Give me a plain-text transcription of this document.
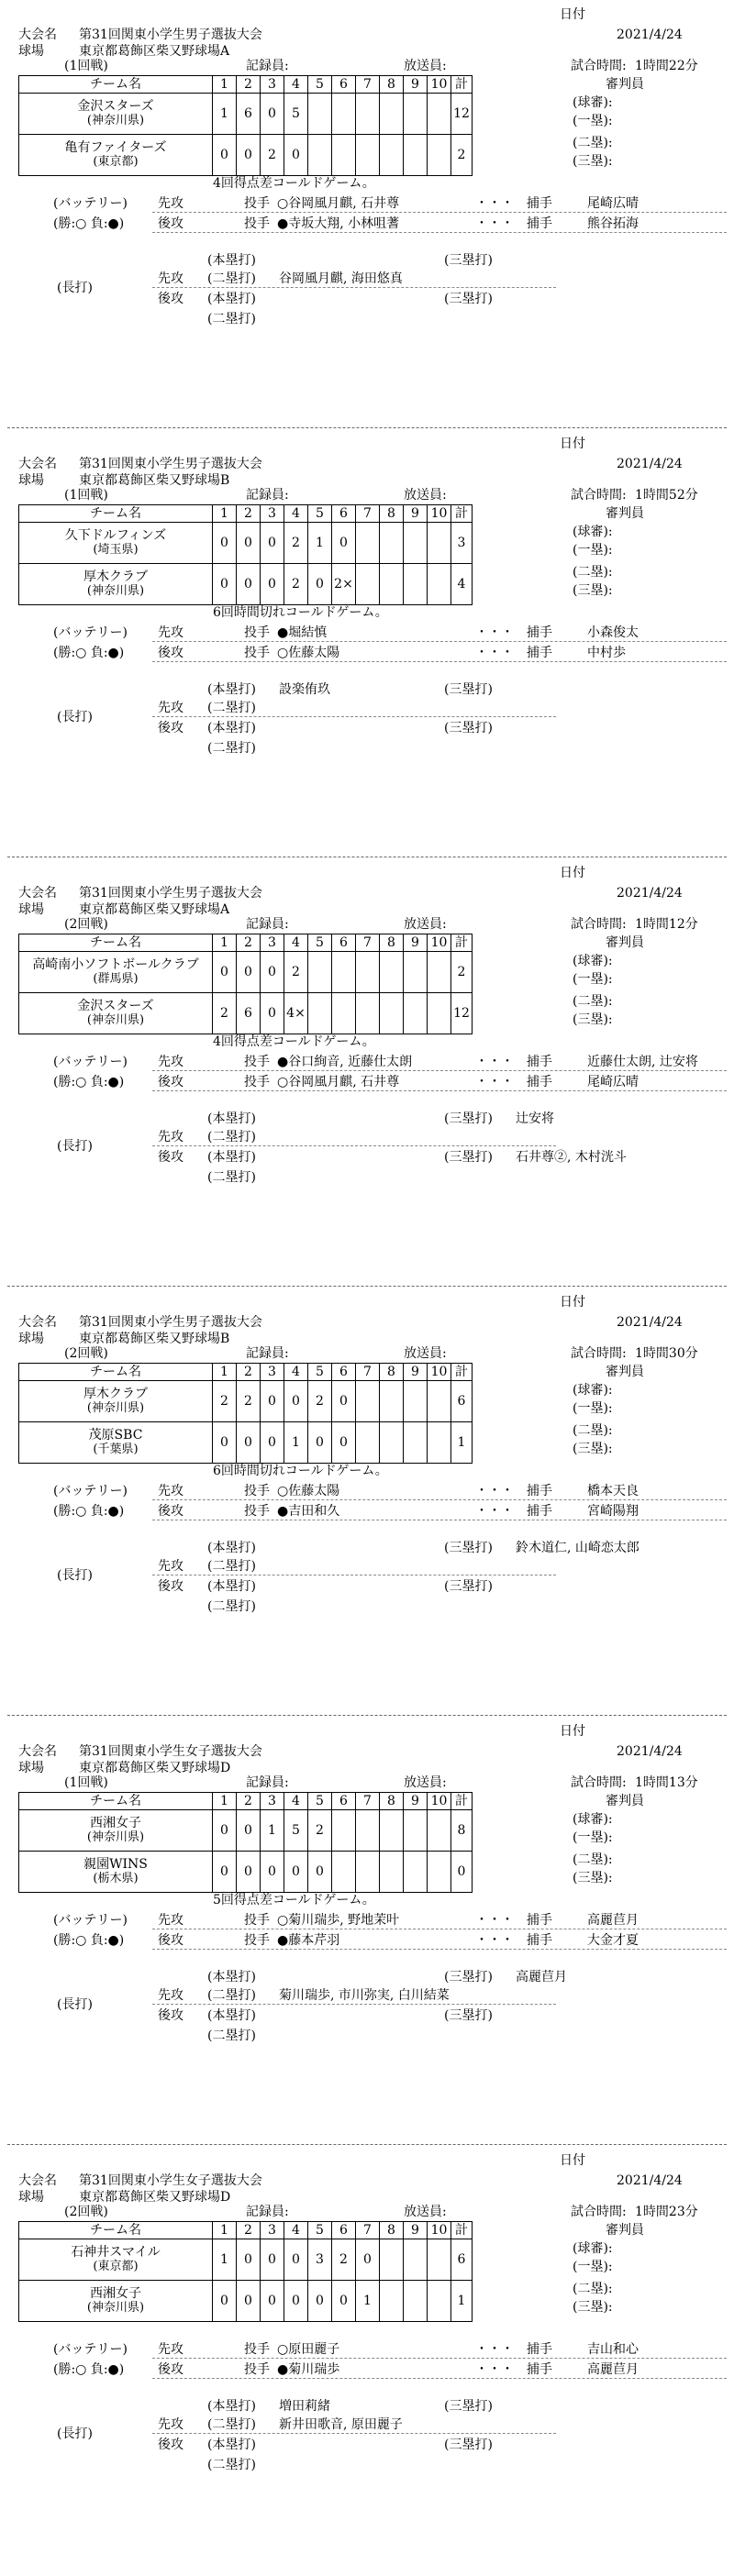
日付
大会名 第31回関東小学生男子選抜大会	2021/4/24
球場	東京都葛飾区柴又野球場A
(1回戦)	記録員:	放送員:	試合時間: 1時間22分
チーム名	1	2	3	4	5	6	7	8	9	10	計

金沢スターズ
(神奈川県)	1	6	0	5							12

亀有ファイターズ
(東京都)	0	0	2	0							2
審判員
(球審):
(一塁):
(二塁):
(三塁):
4回得点差コールドゲーム。
(バッテリー) 先攻	投手 ○谷岡風月麒, 石井尊	・・・ 捕手	尾崎広晴
(勝:○ 負:●)	後攻	投手 ●寺坂大翔, 小林咀蓍	・・・ 捕手	熊谷拓海
(本塁打)	(三塁打)
(長打)
先攻 (二塁打) 谷岡風月麒, 海田悠真
後攻 (本塁打)	(三塁打)
(二塁打)
日付
大会名 第31回関東小学生男子選抜大会	2021/4/24
球場	東京都葛飾区柴又野球場B
(1回戦)	記録員:	放送員:	試合時間: 1時間52分
チーム名	1	2	3	4	5	6	7	8	9	10	計

久下ドルフィンズ
(埼玉県)	0	0	0	2	1	0					3

厚木クラブ
(神奈川県)	0	0	0	2	0	2×					4
審判員
(球審):
(一塁):
(二塁):
(三塁):
6回時間切れコールドゲーム。
(バッテリー) 先攻	投手 ●堀結慎	・・・ 捕手	小森俊太
(勝:○ 負:●)	後攻	投手 ○佐藤太陽	・・・ 捕手	中村歩
(本塁打) 設楽侑玖	(三塁打)
(長打)
先攻 (二塁打)
後攻 (本塁打)	(三塁打)
(二塁打)
日付
大会名 第31回関東小学生男子選抜大会	2021/4/24
球場	東京都葛飾区柴又野球場A
(2回戦)	記録員:	放送員:	試合時間: 1時間12分
チーム名	1	2	3	4	5	6	7	8	9	10	計

高崎南小ソフトボールクラブ
(群馬県)	0	0	0	2							2

金沢スターズ
(神奈川県)	2	6	0	4×							12
審判員
(球審):
(一塁):
(二塁):
(三塁):
4回得点差コールドゲーム。
(バッテリー) 先攻	投手 ●谷口絢音, 近藤仕太朗	・・・ 捕手	近藤仕太朗, 辻安将
(勝:○ 負:●)	後攻	投手 ○谷岡風月麒, 石井尊	・・・ 捕手	尾崎広晴
(本塁打)	(三塁打) 辻安将
(長打)
先攻 (二塁打)
後攻 (本塁打)	(三塁打) 石井尊②, 木村洸斗
(二塁打)
日付
大会名 第31回関東小学生男子選抜大会	2021/4/24
球場	東京都葛飾区柴又野球場B
(2回戦)	記録員:	放送員:	試合時間: 1時間30分
チーム名	1	2	3	4	5	6	7	8	9	10	計

厚木クラブ
(神奈川県)	2	2	0	0	2	0					6

茂原SBC
(千葉県)	0	0	0	1	0	0					1
審判員
(球審):
(一塁):
(二塁):
(三塁):
6回時間切れコールドゲーム。
(バッテリー) 先攻	投手 ○佐藤太陽	・・・ 捕手	橋本天良
(勝:○ 負:●)	後攻	投手 ●吉田和久	・・・ 捕手	宮崎陽翔
(本塁打)	(三塁打) 鈴木道仁, 山崎恋太郎
(長打)
先攻 (二塁打)
後攻 (本塁打)	(三塁打)
(二塁打)
日付
大会名 第31回関東小学生女子選抜大会	2021/4/24
球場	東京都葛飾区柴又野球場D
(1回戦)	記録員:	放送員:	試合時間: 1時間13分
チーム名	1	2	3	4	5	6	7	8	9	10	計

西湘女子
(神奈川県)	0	0	1	5	2						8

親園WINS
(栃木県)	0	0	0	0	0						0
審判員
(球審):
(一塁):
(二塁):
(三塁):
5回得点差コールドゲーム。
(バッテリー) 先攻	投手 ○菊川瑞歩, 野地茉叶	・・・ 捕手	高麗苣月
(勝:○ 負:●)	後攻	投手 ●藤本芹羽	・・・ 捕手	大金才夏
(本塁打)	(三塁打) 高麗苣月
(長打)
先攻 (二塁打) 菊川瑞歩, 市川弥実, 白川結菜
後攻 (本塁打)	(三塁打)
(二塁打)
日付
大会名 第31回関東小学生女子選抜大会	2021/4/24
球場	東京都葛飾区柴又野球場D
(2回戦)	記録員:	放送員:	試合時間: 1時間23分
チーム名	1	2	3	4	5	6	7	8	9	10	計

石神井スマイル
(東京都)	1	0	0	0	3	2	0				6

西湘女子
(神奈川県)	0	0	0	0	0	0	1				1
審判員
(球審):
(一塁):
(二塁):
(三塁):
(バッテリー) 先攻	投手 ○原田麗子	・・・ 捕手	吉山和心
(勝:○ 負:●)	後攻	投手 ●菊川瑞歩	・・・ 捕手	高麗苣月
(本塁打) 増田莉緒	(三塁打)
(長打)
先攻 (二塁打) 新井田歌音, 原田麗子
後攻 (本塁打)	(三塁打)
(二塁打)
